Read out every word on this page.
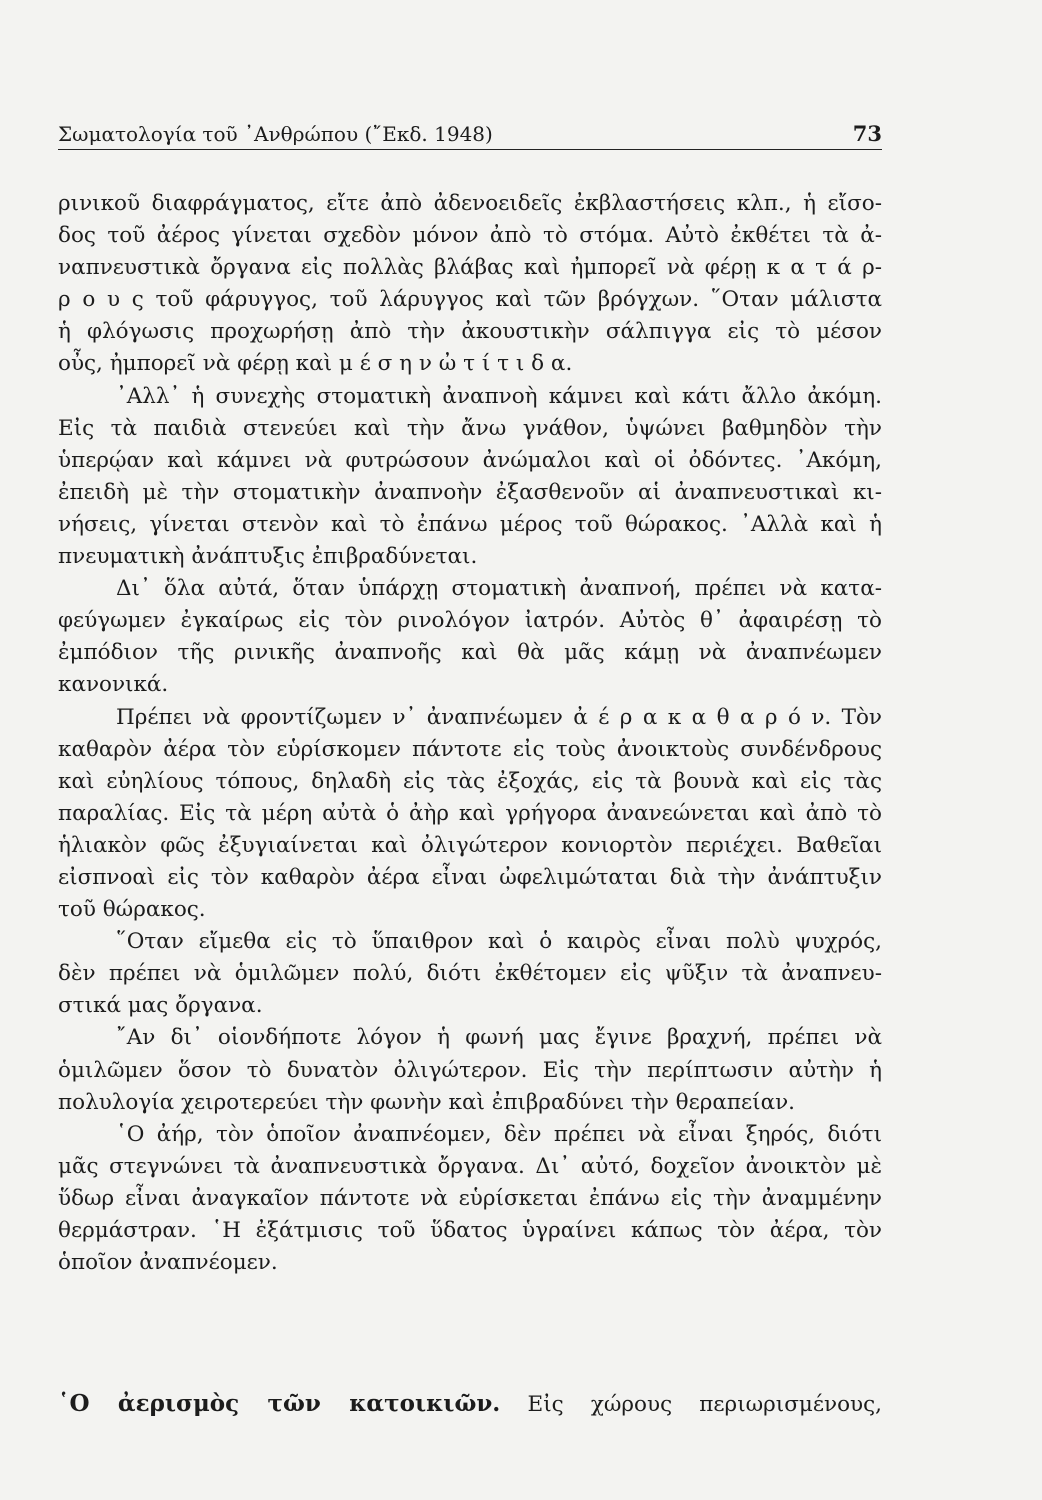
Σωματολογία τοῦ ᾽Ανθρώπου (῎Εκδ. 1948)	73
ρινικοῦ διαφράγματος, εἴτε ἀπὸ ἀδενοειδεῖς ἐκβλαστήσεις κλπ., ἡ εἴσο-
δος τοῦ ἀέρος γίνεται σχεδὸν μόνον ἀπὸ τὸ στόμα. Αὐτὸ ἐκθέτει τὰ ἀ-
ναπνευστικὰ ὄργανα εἰς πολλὰς βλάβας καὶ ἠμπορεῖ νὰ φέρῃ κ α τ ά ρ-
ρ ο υ ς τοῦ φάρυγγος, τοῦ λάρυγγος καὶ τῶν βρόγχων. ῞Οταν μάλιστα
ἡ φλόγωσις προχωρήσῃ ἀπὸ τὴν ἀκουστικὴν σάλπιγγα εἰς τὸ μέσον
οὖς, ἠμπορεῖ νὰ φέρῃ καὶ μ έ σ η ν ὠ τ ί τ ι δ α.
᾽Αλλ᾽ ἡ συνεχὴς στοματικὴ ἀναπνοὴ κάμνει καὶ κάτι ἄλλο ἀκόμη.
Εἰς τὰ παιδιὰ στενεύει καὶ τὴν ἄνω γνάθον, ὑψώνει βαθμηδὸν τὴν
ὑπερῴαν καὶ κάμνει νὰ φυτρώσουν ἀνώμαλοι καὶ οἱ ὀδόντες. ᾽Ακόμη,
ἐπειδὴ μὲ τὴν στοματικὴν ἀναπνοὴν ἐξασθενοῦν αἱ ἀναπνευστικαὶ κι-
νήσεις, γίνεται στενὸν καὶ τὸ ἐπάνω μέρος τοῦ θώρακος. ᾽Αλλὰ καὶ ἡ
πνευματικὴ ἀνάπτυξις ἐπιβραδύνεται.
Δι᾽ ὅλα αὐτά, ὅταν ὑπάρχῃ στοματικὴ ἀναπνοή, πρέπει νὰ κατα-
φεύγωμεν ἐγκαίρως εἰς τὸν ρινολόγον ἰατρόν. Αὐτὸς θ᾽ ἀφαιρέσῃ τὸ
ἐμπόδιον τῆς ρινικῆς ἀναπνοῆς καὶ θὰ μᾶς κάμῃ νὰ ἀναπνέωμεν
κανονικά.
Πρέπει νὰ φροντίζωμεν ν᾽ ἀναπνέωμεν ἀ έ ρ α κ α θ α ρ ό ν. Τὸν
καθαρὸν ἀέρα τὸν εὑρίσκομεν πάντοτε εἰς τοὺς ἀνοικτοὺς συνδένδρους
καὶ εὐηλίους τόπους, δηλαδὴ εἰς τὰς ἐξοχάς, εἰς τὰ βουνὰ καὶ εἰς τὰς
παραλίας. Εἰς τὰ μέρη αὐτὰ ὁ ἀὴρ καὶ γρήγορα ἀνανεώνεται καὶ ἀπὸ τὸ
ἡλιακὸν φῶς ἐξυγιαίνεται καὶ ὀλιγώτερον κονιορτὸν περιέχει. Βαθεῖαι
εἰσπνοαὶ εἰς τὸν καθαρὸν ἀέρα εἶναι ὠφελιμώταται διὰ τὴν ἀνάπτυξιν
τοῦ θώρακος.
῞Οταν εἴμεθα εἰς τὸ ὕπαιθρον καὶ ὁ καιρὸς εἶναι πολὺ ψυχρός,
δὲν πρέπει νὰ ὁμιλῶμεν πολύ, διότι ἐκθέτομεν εἰς ψῦξιν τὰ ἀναπνευ-
στικά μας ὄργανα.
῎Αν δι᾽ οἱονδήποτε λόγον ἡ φωνή μας ἔγινε βραχνή, πρέπει νὰ
ὁμιλῶμεν ὅσον τὸ δυνατὸν ὀλιγώτερον. Εἰς τὴν περίπτωσιν αὐτὴν ἡ
πολυλογία χειροτερεύει τὴν φωνὴν καὶ ἐπιβραδύνει τὴν θεραπείαν.
῾Ο ἀήρ, τὸν ὁποῖον ἀναπνέομεν, δὲν πρέπει νὰ εἶναι ξηρός, διότι
μᾶς στεγνώνει τὰ ἀναπνευστικὰ ὄργανα. Δι᾽ αὐτό, δοχεῖον ἀνοικτὸν μὲ
ὕδωρ εἶναι ἀναγκαῖον πάντοτε νὰ εὑρίσκεται ἐπάνω εἰς τὴν ἀναμμένην
θερμάστραν. ῾Η ἐξάτμισις τοῦ ὕδατος ὑγραίνει κάπως τὸν ἀέρα, τὸν
ὁποῖον ἀναπνέομεν.
῾Ο ἀερισμὸς τῶν κατοικιῶν. Εἰς χώρους περιωρισμένους,
